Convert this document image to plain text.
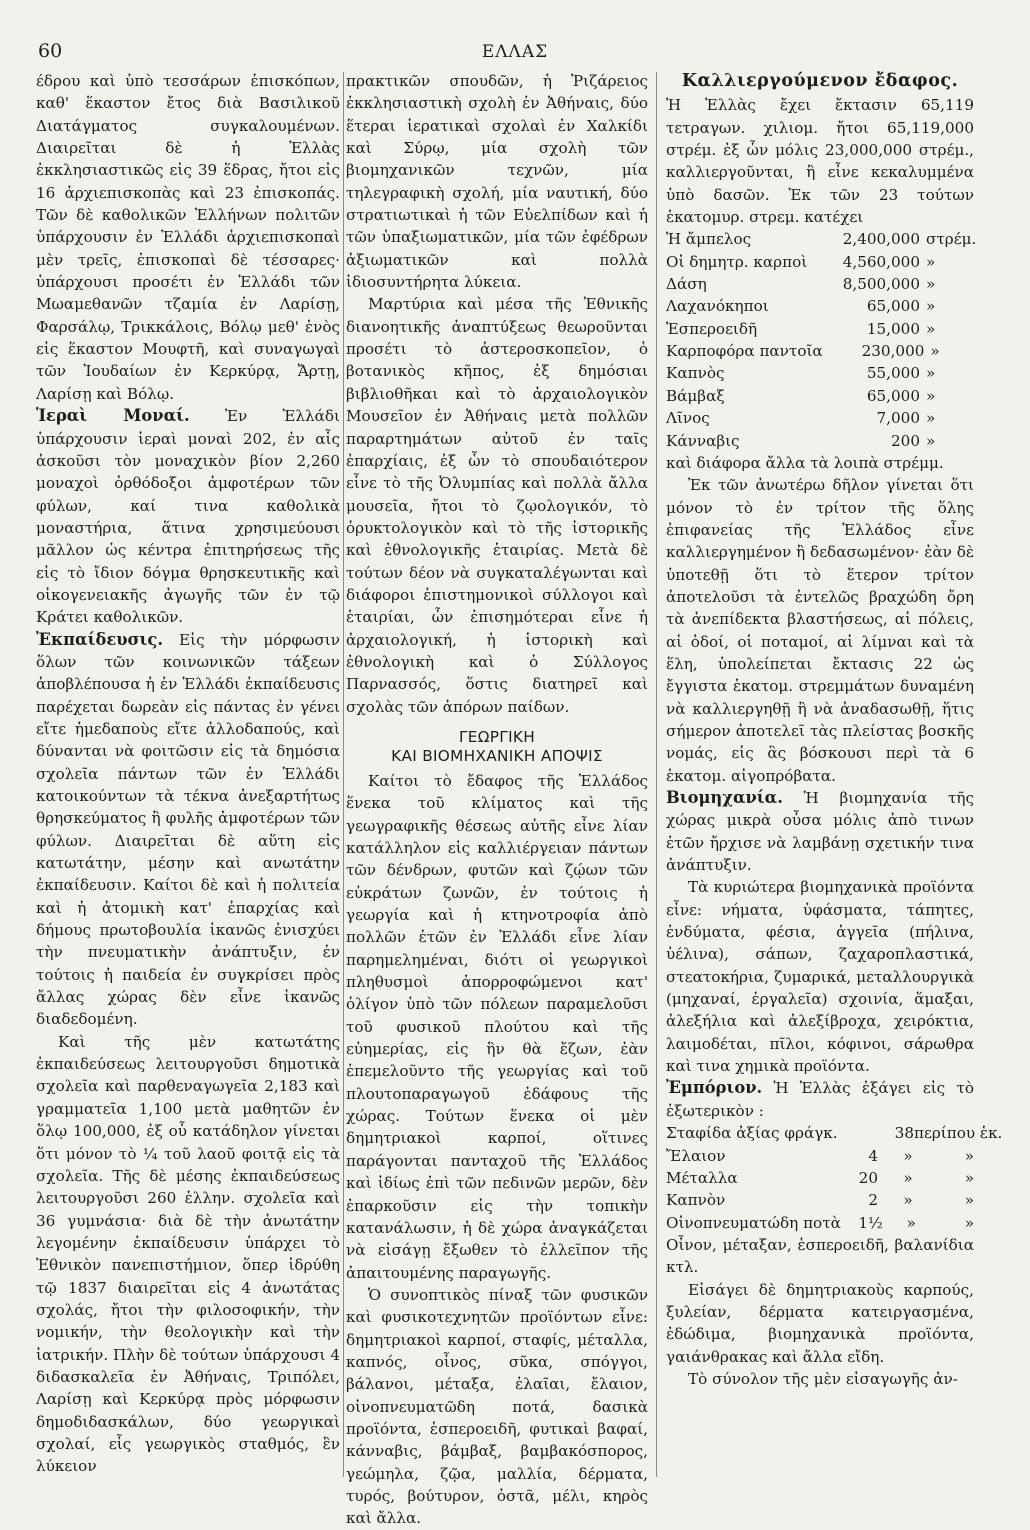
60	ΕΛΛΑΣ

έδρου καὶ ὑπὸ τεσσάρων ἐπισκόπων, καθ' ἕκαστον ἔτος διὰ Βασιλικοῦ Διατάγματος συγκαλουμένων. Διαιρεῖται δὲ ἡ Ἑλλὰς ἐκκλησιαστικῶς εἰς 39 ἕδρας, ἤτοι εἰς 16 ἀρχιεπισκοπὰς καὶ 23 ἐπισκοπάς. Τῶν δὲ καθολικῶν Ἑλλήνων πολιτῶν ὑπάρχουσιν ἐν Ἑλλάδι ἀρχιεπισκοπαὶ μὲν τρεῖς, ἐπισκοπαὶ δὲ τέσσαρες· ὑπάρχουσι προσέτι ἐν Ἑλλάδι τῶν Μωαμεθανῶν τζαμία ἐν Λαρίσῃ, Φαρσάλῳ, Τρικκάλοις, Βόλῳ μεθ' ἑνὸς εἰς ἕκαστον Μουφτῆ, καὶ συναγωγαὶ τῶν Ἰουδαίων ἐν Κερκύρᾳ, Ἄρτῃ, Λαρίσῃ καὶ Βόλῳ.

Ἱεραὶ Μοναί. Ἐν Ἑλλάδι ὑπάρχουσιν ἱεραὶ μοναὶ 202, ἐν αἷς ἀσκοῦσι τὸν μοναχικὸν βίον 2,260 μοναχοὶ ὀρθόδοξοι ἀμφοτέρων τῶν φύλων, καί τινα καθολικὰ μοναστήρια, ἅτινα χρησιμεύουσι μᾶλλον ὡς κέντρα ἐπιτηρήσεως τῆς εἰς τὸ ἴδιον δόγμα θρησκευτικῆς καὶ οἰκογενειακῆς ἀγωγῆς τῶν ἐν τῷ Κράτει καθολικῶν.

Ἐκπαίδευσις. Εἰς τὴν μόρφωσιν ὅλων τῶν κοινωνικῶν τάξεων ἀποβλέπουσα ἡ ἐν Ἑλλάδι ἐκπαίδευσις παρέχεται δωρεὰν εἰς πάντας ἐν γένει εἴτε ἡμεδαποὺς εἴτε ἀλλοδαπούς, καὶ δύνανται νὰ φοιτῶσιν εἰς τὰ δημόσια σχολεῖα πάντων τῶν ἐν Ἑλλάδι κατοικούντων τὰ τέκνα ἀνεξαρτήτως θρησκεύματος ἢ φυλῆς ἀμφοτέρων τῶν φύλων. Διαιρεῖται δὲ αὕτη εἰς κατωτάτην, μέσην καὶ ανωτάτην ἐκπαίδευσιν. Καίτοι δὲ καὶ ἡ πολιτεία καὶ ἡ ἀτομικὴ κατ' ἐπαρχίας καὶ δήμους πρωτοβουλία ἱκανῶς ἐνισχύει τὴν πνευματικὴν ἀνάπτυξιν, ἐν τούτοις ἡ παιδεία ἐν συγκρίσει πρὸς ἄλλας χώρας δὲν εἶνε ἱκανῶς διαδεδομένη.

Καὶ τῆς μὲν κατωτάτης ἐκπαιδεύσεως λειτουργοῦσι δημοτικὰ σχολεῖα καὶ παρθεναγωγεῖα 2,183 καὶ γραμματεῖα 1,100 μετὰ μαθητῶν ἐν ὅλῳ 100,000, ἐξ οὗ κατάδηλον γίνεται ὅτι μόνον τὸ ¼ τοῦ λαοῦ φοιτᾷ εἰς τὰ σχολεῖα. Τῆς δὲ μέσης ἐκπαιδεύσεως λειτουργοῦσι 260 ἑλλην. σχολεῖα καὶ 36 γυμνάσια· διὰ δὲ τὴν ἀνωτάτην λεγομένην ἐκπαίδευσιν ὑπάρχει τὸ Ἐθνικὸν πανεπιστήμιον, ὅπερ ἱδρύθη τῷ 1837 διαιρεῖται εἰς 4 ἀνωτάτας σχολάς, ἤτοι τὴν φιλοσοφικήν, τὴν νομικήν, τὴν θεολογικὴν καὶ τὴν ἰατρικήν. Πλὴν δὲ τούτων ὑπάρχουσι 4 διδασκαλεῖα ἐν Ἀθήναις, Τριπόλει, Λαρίσῃ καὶ Κερκύρᾳ πρὸς μόρφωσιν δημοδιδασκάλων, δύο γεωργικαὶ σχολαί, εἷς γεωργικὸς σταθμός, ἓν λύκειον

πρακτικῶν σπουδῶν, ἡ Ῥιζάρειος ἐκκλησιαστικὴ σχολὴ ἐν Ἀθήναις, δύο ἕτεραι ἱερατικαὶ σχολαὶ ἐν Χαλκίδι καὶ Σύρῳ, μία σχολὴ τῶν βιομηχανικῶν τεχνῶν, μία τηλεγραφικὴ σχολή, μία ναυτική, δύο στρατιωτικαὶ ἡ τῶν Εὐελπίδων καὶ ἡ τῶν ὑπαξιωματικῶν, μία τῶν ἐφέδρων ἀξιωματικῶν καὶ πολλὰ ἰδιοσυντήρητα λύκεια.

Μαρτύρια καὶ μέσα τῆς Ἐθνικῆς διανοητικῆς ἀναπτύξεως θεωροῦνται προσέτι τὸ ἀστεροσκοπεῖον, ὁ βοτανικὸς κῆπος, ἐξ δημόσιαι βιβλιοθῆκαι καὶ τὸ ἀρχαιολογικὸν Μουσεῖον ἐν Ἀθήναις μετὰ πολλῶν παραρτημάτων αὐτοῦ ἐν ταῖς ἐπαρχίαις, ἐξ ὧν τὸ σπουδαιότερον εἶνε τὸ τῆς Ὀλυμπίας καὶ πολλὰ ἄλλα μουσεῖα, ἤτοι τὸ ζῳολογικόν, τὸ ὀρυκτολογικὸν καὶ τὸ τῆς ἱστορικῆς καὶ ἐθνολογικῆς ἑταιρίας. Μετὰ δὲ τούτων δέον νὰ συγκαταλέγωνται καὶ διάφοροι ἐπιστημονικοὶ σύλλογοι καὶ ἑταιρίαι, ὧν ἐπισημότεραι εἶνε ἡ ἀρχαιολογική, ἡ ἱστορικὴ καὶ ἐθνολογικὴ καὶ ὁ Σύλλογος Παρνασσός, ὅστις διατηρεῖ καὶ σχολὰς τῶν ἀπόρων παίδων.

ΓΕΩΡΓΙΚΗ
ΚΑΙ ΒΙΟΜΗΧΑΝΙΚΗ ΑΠΟΨΙΣ

Καίτοι τὸ ἔδαφος τῆς Ἑλλάδος ἕνεκα τοῦ κλίματος καὶ τῆς γεωγραφικῆς θέσεως αὐτῆς εἶνε λίαν κατάλληλον εἰς καλλιέργειαν πάντων τῶν δένδρων, φυτῶν καὶ ζῴων τῶν εὐκράτων ζωνῶν, ἐν τούτοις ἡ γεωργία καὶ ἡ κτηνοτροφία ἀπὸ πολλῶν ἐτῶν ἐν Ἑλλάδι εἶνε λίαν παρημελημέναι, διότι οἱ γεωργικοὶ πληθυσμοὶ ἀπορροφώμενοι κατ' ὀλίγον ὑπὸ τῶν πόλεων παραμελοῦσι τοῦ φυσικοῦ πλούτου καὶ τῆς εὐημερίας, εἰς ἣν θὰ ἔζων, ἐὰν ἐπεμελοῦντο τῆς γεωργίας καὶ τοῦ πλουτοπαραγωγοῦ ἐδάφους τῆς χώρας. Τούτων ἕνεκα οἱ μὲν δημητριακοὶ καρποί, οἵτινες παράγονται πανταχοῦ τῆς Ἑλλάδος καὶ ἰδίως ἐπὶ τῶν πεδινῶν μερῶν, δὲν ἐπαρκοῦσιν εἰς τὴν τοπικὴν κατανάλωσιν, ἡ δὲ χώρα ἀναγκάζεται νὰ εἰσάγῃ ἔξωθεν τὸ ἐλλεῖπον τῆς ἀπαιτουμένης παραγωγῆς.

Ὁ συνοπτικὸς πίναξ τῶν φυσικῶν καὶ φυσικοτεχνητῶν προϊόντων εἶνε: δημητριακοὶ καρποί, σταφίς, μέταλλα, καπνός, οἶνος, σῦκα, σπόγγοι, βάλανοι, μέταξα, ἐλαῖαι, ἔλαιον, οἰνοπνευματῶδη ποτά, δασικὰ προϊόντα, ἑσπεροειδῆ, φυτικαὶ βαφαί, κάνναβις, βάμβαξ, βαμβακόσπορος, γεώμηλα, ζῷα, μαλλία, δέρματα, τυρός, βούτυρον, ὀστᾶ, μέλι, κηρὸς καὶ ἄλλα.

Καλλιεργούμενον ἔδαφος.

Ἡ Ἑλλὰς ἔχει ἔκτασιν 65,119 τετραγων. χιλιομ. ἤτοι 65,119,000 στρέμ. ἐξ ὧν μόλις 23,000,000 στρέμ., καλλιεργοῦνται, ἢ εἶνε κεκαλυμμένα ὑπὸ δασῶν. Ἐκ τῶν 23 τούτων ἑκατομυρ. στρεμ. κατέχει

Ἡ ἄμπελος	2,400,000 στρέμ.
Οἱ δημητρ. καρποὶ	4,560,000 »
Δάση	8,500,000 »
Λαχανόκηποι	65,000 »
Ἑσπεροειδῆ	15,000 »
Καρποφόρα παντοῖα	230,000 »
Καπνὸς	55,000 »
Βάμβαξ	65,000 »
Λῖνος	7,000 »
Κάνναβις	200 »

καὶ διάφορα ἄλλα τὰ λοιπὰ στρέμμ.

Ἐκ τῶν ἀνωτέρω δῆλον γίνεται ὅτι μόνον τὸ ἐν τρίτον τῆς ὅλης ἐπιφανείας τῆς Ἑλλάδος εἶνε καλλιεργημένον ἢ δεδασωμένον· ἐὰν δὲ ὑποτεθῇ ὅτι τὸ ἕτερον τρίτον ἀποτελοῦσι τὰ ἐντελῶς βραχώδη ὄρη τὰ ἀνεπίδεκτα βλαστήσεως, αἱ πόλεις, αἱ ὁδοί, οἱ ποταμοί, αἱ λίμναι καὶ τὰ ἕλη, ὑπολείπεται ἔκτασις 22 ὡς ἔγγιστα ἑκατομ. στρεμμάτων δυναμένη νὰ καλλιεργηθῇ ἢ νὰ ἀναδασωθῇ, ἥτις σήμερον ἀποτελεῖ τὰς πλείστας βοσκῆς νομάς, εἰς ἃς βόσκουσι περὶ τὰ 6 ἑκατομ. αἰγοπρόβατα.

Βιομηχανία. Ἡ βιομηχανία τῆς χώρας μικρὰ οὖσα μόλις ἀπὸ τινων ἐτῶν ἤρχισε νὰ λαμβάνῃ σχετικήν τινα ἀνάπτυξιν.

Τὰ κυριώτερα βιομηχανικὰ προϊόντα εἶνε: νήματα, ὑφάσματα, τάπητες, ἐνδύματα, φέσια, ἀγγεῖα (πήλινα, ὑέλινα), σάπων, ζαχαροπλαστικά, στεατοκήρια, ζυμαρικά, μεταλλουργικὰ (μηχαναί, ἐργαλεῖα) σχοινία, ἅμαξαι, ἀλεξήλια καὶ ἀλεξίβροχα, χειρόκτια, λαιμοδέται, πῖλοι, κόφινοι, σάρωθρα καὶ τινα χημικὰ προϊόντα.

Ἐμπόριον. Ἡ Ἑλλὰς ἐξάγει εἰς τὸ ἐξωτερικὸν :

Σταφίδα ἀξίας φράγκ.	38 περίπου ἑκ.
Ἔλαιον	4	»	»
Μέταλλα	20	»	»
Καπνὸν	2	»	»
Οἰνοπνευματώδη ποτὰ	1½	»	»

Οἶνον, μέταξαν, ἑσπεροειδῆ, βαλανίδια κτλ.

Εἰσάγει δὲ δημητριακοὺς καρπούς, ξυλείαν, δέρματα κατειργασμένα, ἐδώδιμα, βιομηχανικὰ προϊόντα, γαιάνθρακας καὶ ἄλλα εἴδη.

Τὸ σύνολον τῆς μὲν εἰσαγωγῆς ἀν-
